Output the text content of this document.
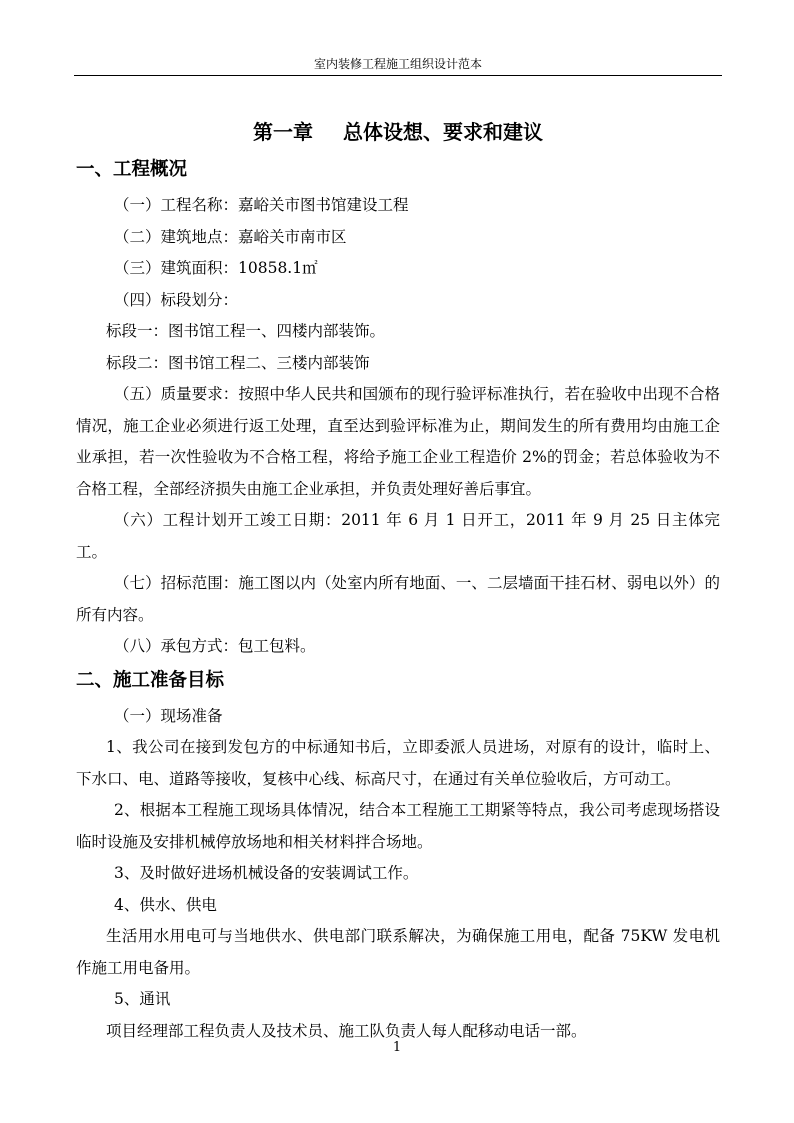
室内装修工程施工组织设计范本
第一章 总体设想、要求和建议
一、工程概况

（一）工程名称：嘉峪关市图书馆建设工程

（二）建筑地点：嘉峪关市南市区

（三）建筑面积：10858.1㎡

（四）标段划分：

标段一：图书馆工程一、四楼内部装饰。

标段二：图书馆工程二、三楼内部装饰

（五）质量要求：按照中华人民共和国颁布的现行验评标准执行，若在验收中出现不合格情况，施工企业必须进行返工处理，直至达到验评标准为止，期间发生的所有费用均由施工企业承担，若一次性验收为不合格工程，将给予施工企业工程造价 2%的罚金；若总体验收为不合格工程，全部经济损失由施工企业承担，并负责处理好善后事宜。

（六）工程计划开工竣工日期：2011 年 6 月 1 日开工，2011 年 9 月 25 日主体完工。

（七）招标范围：施工图以内（处室内所有地面、一、二层墙面干挂石材、弱电以外）的所有内容。

（八）承包方式：包工包料。

二、施工准备目标

（一）现场准备

1、我公司在接到发包方的中标通知书后，立即委派人员进场，对原有的设计，临时上、下水口、电、道路等接收，复核中心线、标高尺寸，在通过有关单位验收后，方可动工。

2、根据本工程施工现场具体情况，结合本工程施工工期紧等特点，我公司考虑现场搭设临时设施及安排机械停放场地和相关材料拌合场地。

3、及时做好进场机械设备的安装调试工作。

4、供水、供电

生活用水用电可与当地供水、供电部门联系解决，为确保施工用电，配备 75KW 发电机作施工用电备用。

5、通讯

项目经理部工程负责人及技术员、施工队负责人每人配移动电话一部。

1
